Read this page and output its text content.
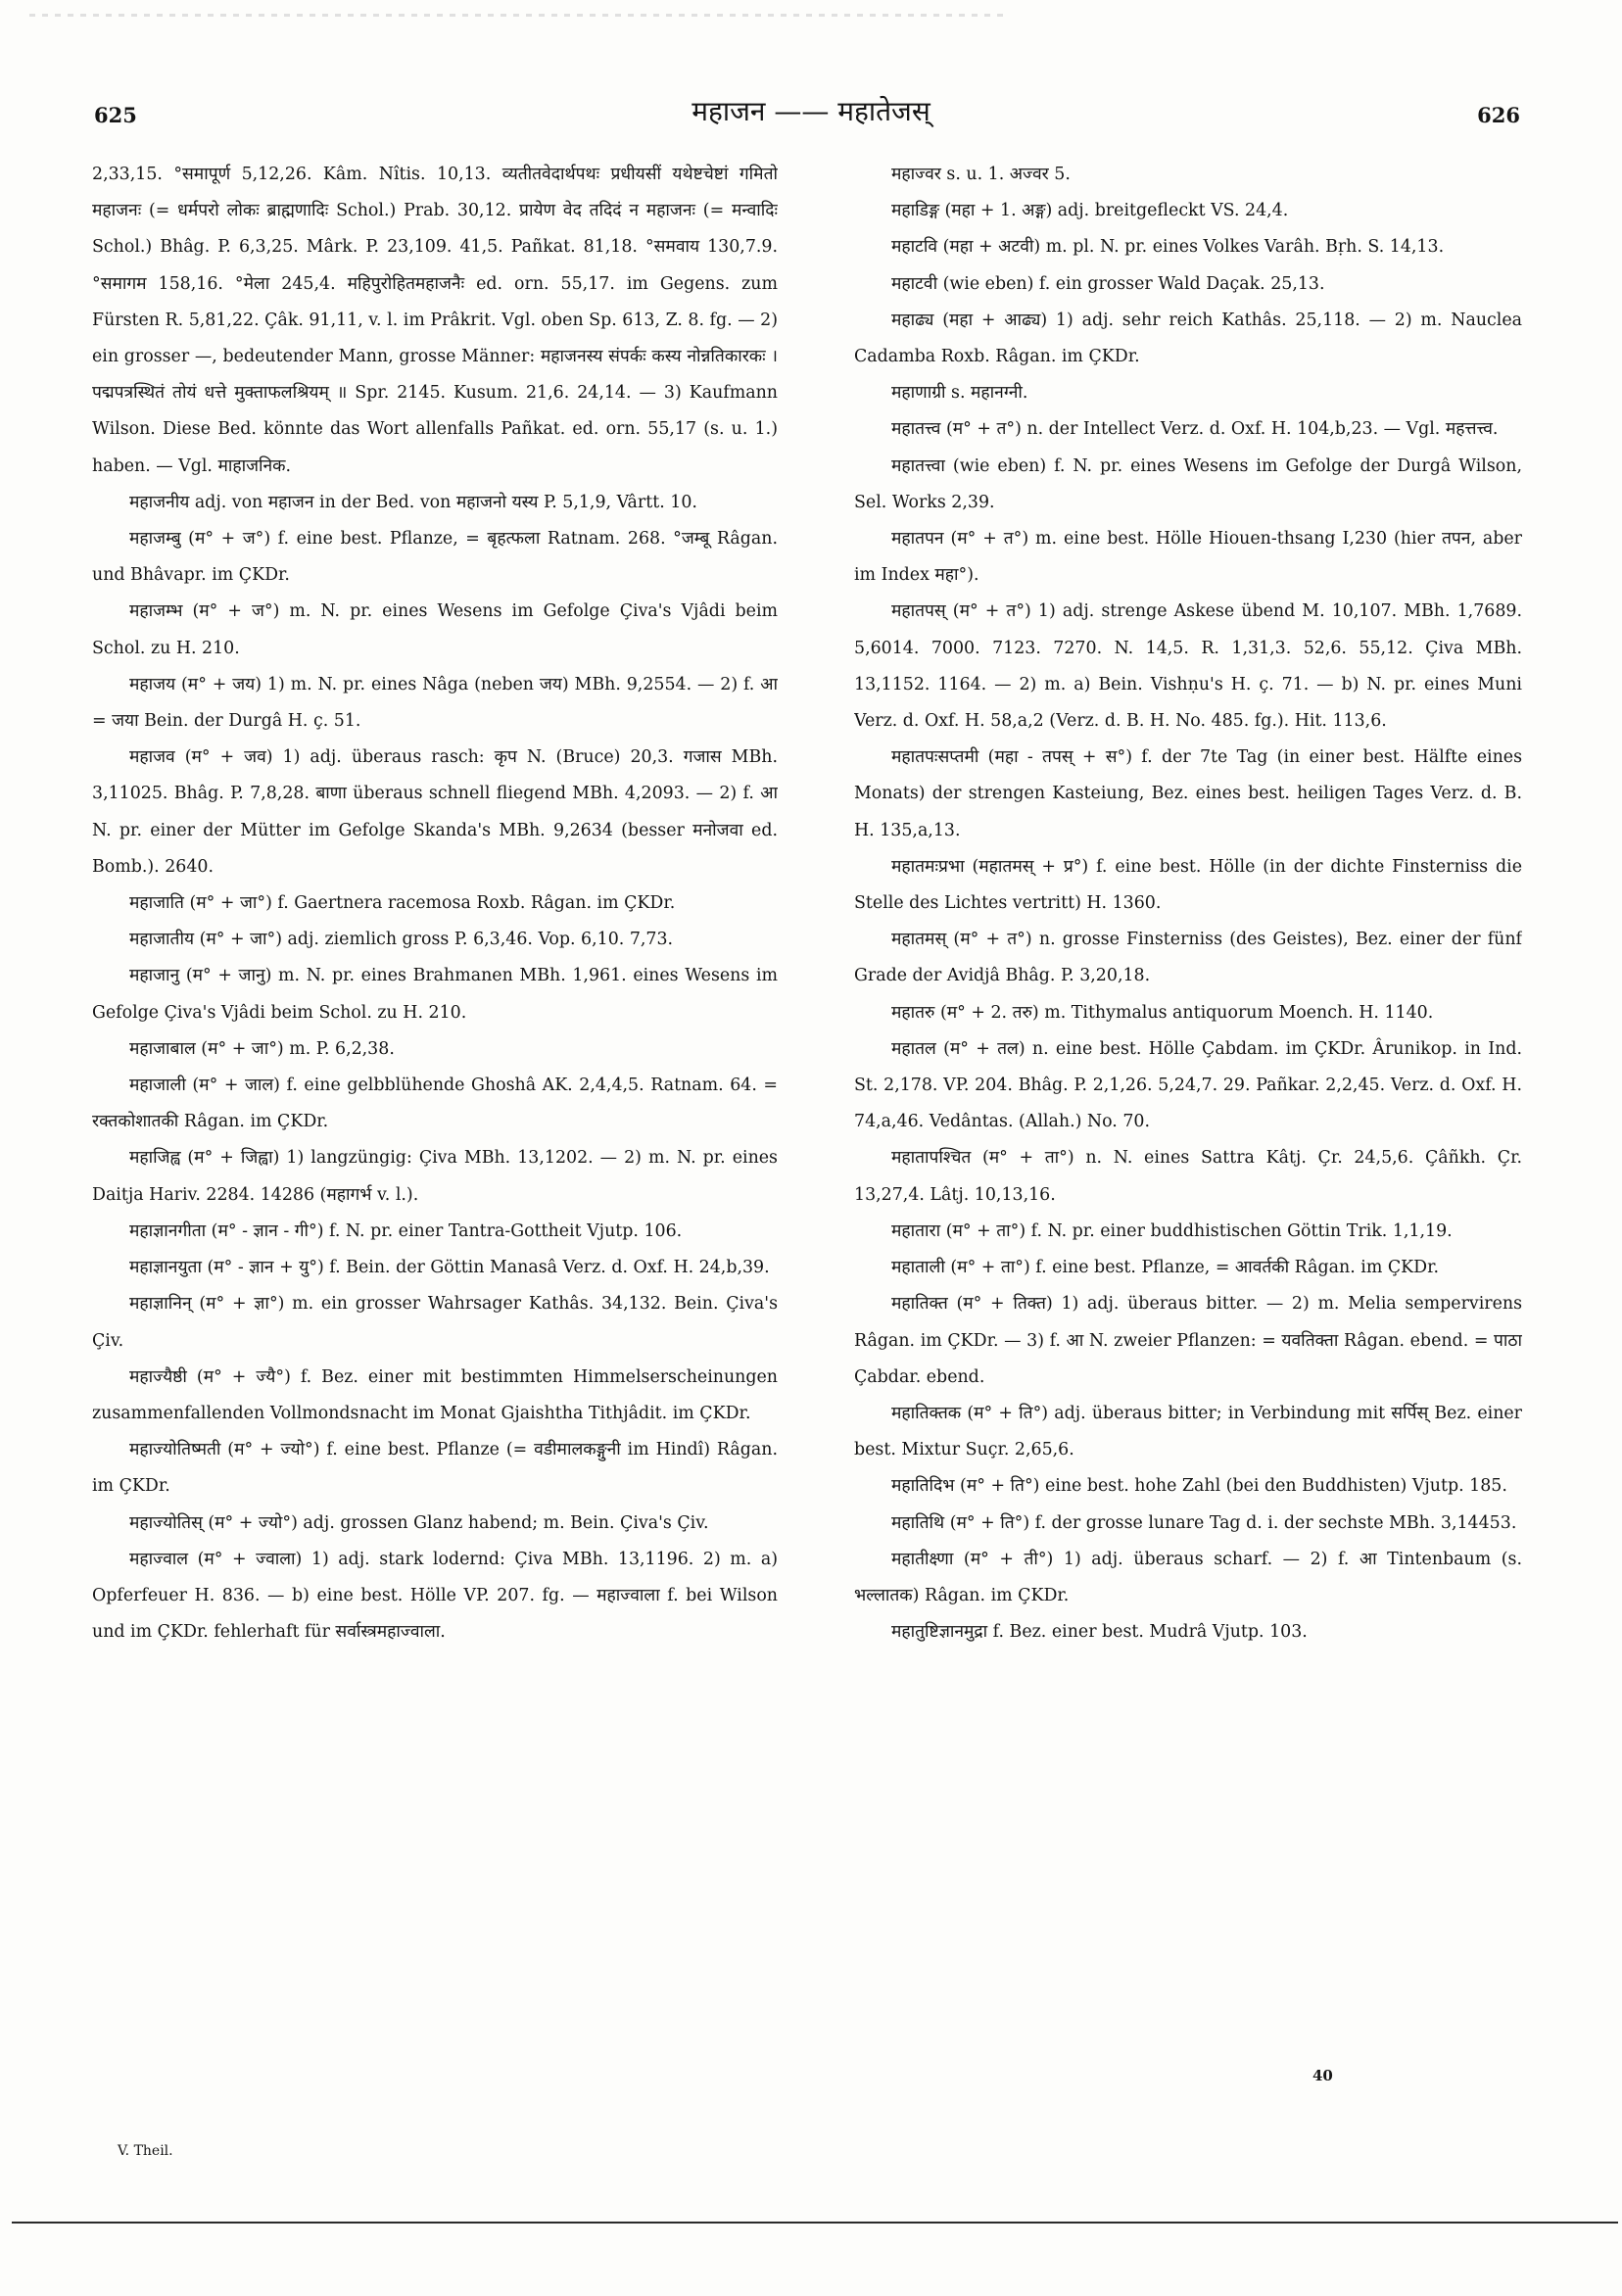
625	महाजन —— महातेजस्	626

2,33,15. °समापूर्ण 5,12,26. Kâm. Nîtis. 10,13. व्यतीतवेदार्थपथः प्रधीयसीं यथेष्टचेष्टां गमितो महाजनः (= धर्मपरो लोकः ब्राह्मणादिः Schol.) Prab. 30,12. प्रायेण वेद तदिदं न महाजनः (= मन्वादिः Schol.) Bhâg. P. 6,3,25. Mârk. P. 23,109. 41,5. Pañkat. 81,18. °समवाय 130,7.9. °समागम 158,16. °मेला 245,4. महिपुरोहितमहाजनैः ed. orn. 55,17. im Gegens. zum Fürsten R. 5,81,22. Çâk. 91,11, v. l. im Prâkrit. Vgl. oben Sp. 613, Z. 8. fg. — 2) ein grosser —, bedeutender Mann, grosse Männer: महाजनस्य संपर्कः कस्य नोन्नतिकारकः । पद्मपत्रस्थितं तोयं धत्ते मुक्ताफलश्रियम् ॥ Spr. 2145. Kusum. 21,6. 24,14. — 3) Kaufmann Wilson. Diese Bed. könnte das Wort allenfalls Pañkat. ed. orn. 55,17 (s. u. 1.) haben. — Vgl. माहाजनिक.

महाजनीय adj. von महाजन in der Bed. von महाजनो यस्य P. 5,1,9, Vârtt. 10.

महाजम्बु (म° + ज°) f. eine best. Pflanze, = बृहत्फला Ratnam. 268. °जम्बू Râgan. und Bhâvapr. im ÇKDr.

महाजम्भ (म° + ज°) m. N. pr. eines Wesens im Gefolge Çiva's Vjâdi beim Schol. zu H. 210.

महाजय (म° + जय) 1) m. N. pr. eines Nâga (neben जय) MBh. 9,2554. — 2) f. आ = जया Bein. der Durgâ H. ç. 51.

महाजव (म° + जव) 1) adj. überaus rasch: कृप N. (Bruce) 20,3. गजास MBh. 3,11025. Bhâg. P. 7,8,28. बाणा überaus schnell fliegend MBh. 4,2093. — 2) f. आ N. pr. einer der Mütter im Gefolge Skanda's MBh. 9,2634 (besser मनोजवा ed. Bomb.). 2640.

महाजाति (म° + जा°) f. Gaertnera racemosa Roxb. Râgan. im ÇKDr.

महाजातीय (म° + जा°) adj. ziemlich gross P. 6,3,46. Vop. 6,10. 7,73.

महाजानु (म° + जानु) m. N. pr. eines Brahmanen MBh. 1,961. eines Wesens im Gefolge Çiva's Vjâdi beim Schol. zu H. 210.

महाजाबाल (म° + जा°) m. P. 6,2,38.

महाजाली (म° + जाल) f. eine gelbblühende Ghoshâ AK. 2,4,4,5. Ratnam. 64. = रक्तकोशातकी Râgan. im ÇKDr.

महाजिह्व (म° + जिह्वा) 1) langzüngig: Çiva MBh. 13,1202. — 2) m. N. pr. eines Daitja Hariv. 2284. 14286 (महागर्भ v. l.).

महाज्ञानगीता (म° - ज्ञान - गी°) f. N. pr. einer Tantra-Gottheit Vjutp. 106.

महाज्ञानयुता (म° - ज्ञान + यु°) f. Bein. der Göttin Manasâ Verz. d. Oxf. H. 24,b,39.

महाज्ञानिन् (म° + ज्ञा°) m. ein grosser Wahrsager Kathâs. 34,132. Bein. Çiva's Çiv.

महाज्यैष्ठी (म° + ज्यै°) f. Bez. einer mit bestimmten Himmelserscheinungen zusammenfallenden Vollmondsnacht im Monat Gjaishtha Tithjâdit. im ÇKDr.

महाज्योतिष्मती (म° + ज्यो°) f. eine best. Pflanze (= वडीमालकङ्गुनी im Hindî) Râgan. im ÇKDr.

महाज्योतिस् (म° + ज्यो°) adj. grossen Glanz habend; m. Bein. Çiva's Çiv.

महाज्वाल (म° + ज्वाला) 1) adj. stark lodernd: Çiva MBh. 13,1196. 2) m. a) Opferfeuer H. 836. — b) eine best. Hölle VP. 207. fg. — महाज्वाला f. bei Wilson und im ÇKDr. fehlerhaft für सर्वास्त्रमहाज्वाला.

महाज्वर s. u. 1. अज्वर 5.

महाडिङ्ग (महा + 1. अङ्ग) adj. breitgefleckt VS. 24,4.

महाटवि (महा + अटवी) m. pl. N. pr. eines Volkes Varâh. Bṛh. S. 14,13.

महाटवी (wie eben) f. ein grosser Wald Daçak. 25,13.

महाढ्य (महा + आढ्य) 1) adj. sehr reich Kathâs. 25,118. — 2) m. Nauclea Cadamba Roxb. Râgan. im ÇKDr.

महाणाग्री s. महानग्नी.

महातत्त्व (म° + त°) n. der Intellect Verz. d. Oxf. H. 104,b,23. — Vgl. महत्तत्त्व.

महातत्त्वा (wie eben) f. N. pr. eines Wesens im Gefolge der Durgâ Wilson, Sel. Works 2,39.

महातपन (म° + त°) m. eine best. Hölle Hiouen-thsang I,230 (hier तपन, aber im Index महा°).

महातपस् (म° + त°) 1) adj. strenge Askese übend M. 10,107. MBh. 1,7689. 5,6014. 7000. 7123. 7270. N. 14,5. R. 1,31,3. 52,6. 55,12. Çiva MBh. 13,1152. 1164. — 2) m. a) Bein. Vishṇu's H. ç. 71. — b) N. pr. eines Muni Verz. d. Oxf. H. 58,a,2 (Verz. d. B. H. No. 485. fg.). Hit. 113,6.

महातपःसप्तमी (महा - तपस् + स°) f. der 7te Tag (in einer best. Hälfte eines Monats) der strengen Kasteiung, Bez. eines best. heiligen Tages Verz. d. B. H. 135,a,13.

महातमःप्रभा (महातमस् + प्र°) f. eine best. Hölle (in der dichte Finsterniss die Stelle des Lichtes vertritt) H. 1360.

महातमस् (म° + त°) n. grosse Finsterniss (des Geistes), Bez. einer der fünf Grade der Avidjâ Bhâg. P. 3,20,18.

महातरु (म° + 2. तरु) m. Tithymalus antiquorum Moench. H. 1140.

महातल (म° + तल) n. eine best. Hölle Çabdam. im ÇKDr. Ârunikop. in Ind. St. 2,178. VP. 204. Bhâg. P. 2,1,26. 5,24,7. 29. Pañkar. 2,2,45. Verz. d. Oxf. H. 74,a,46. Vedântas. (Allah.) No. 70.

महातापश्चित (म° + ता°) n. N. eines Sattra Kâtj. Çr. 24,5,6. Çâñkh. Çr. 13,27,4. Lâtj. 10,13,16.

महातारा (म° + ता°) f. N. pr. einer buddhistischen Göttin Trik. 1,1,19.

महाताली (म° + ता°) f. eine best. Pflanze, = आवर्तकी Râgan. im ÇKDr.

महातिक्त (म° + तिक्त) 1) adj. überaus bitter. — 2) m. Melia sempervirens Râgan. im ÇKDr. — 3) f. आ N. zweier Pflanzen: = यवतिक्ता Râgan. ebend. = पाठा Çabdar. ebend.

महातिक्तक (म° + ति°) adj. überaus bitter; in Verbindung mit सर्पिस् Bez. einer best. Mixtur Suçr. 2,65,6.

महातिदिभ (म° + ति°) eine best. hohe Zahl (bei den Buddhisten) Vjutp. 185.

महातिथि (म° + ति°) f. der grosse lunare Tag d. i. der sechste MBh. 3,14453.

महातीक्ष्णा (म° + ती°) 1) adj. überaus scharf. — 2) f. आ Tintenbaum (s. भल्लातक) Râgan. im ÇKDr.

महातुष्टिज्ञानमुद्रा f. Bez. einer best. Mudrâ Vjutp. 103.

40
V. Theil.
